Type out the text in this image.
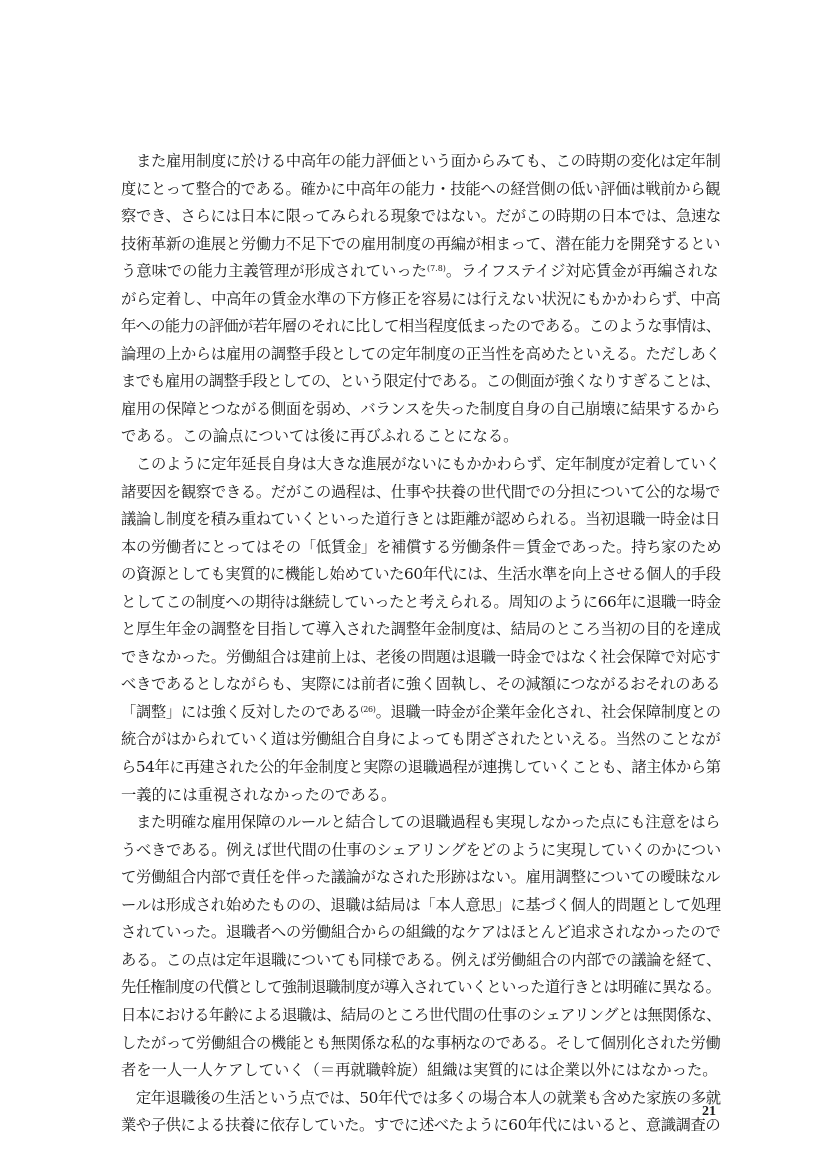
　また雇用制度に於ける中高年の能力評価という面からみても、この時期の変化は定年制
度にとって整合的である。確かに中高年の能力・技能への経営側の低い評価は戦前から観
察でき、さらには日本に限ってみられる現象ではない。だがこの時期の日本では、急速な
技術革新の進展と労働力不足下での雇用制度の再編が相まって、潜在能力を開発するとい
う意味での能力主義管理が形成されていった$^{(7.8)}$。ライフステイジ対応賃金が再編されな
がら定着し、中高年の賃金水準の下方修正を容易には行えない状況にもかかわらず、中高
年への能力の評価が若年層のそれに比して相当程度低まったのである。このような事情は、
論理の上からは雇用の調整手段としての定年制度の正当性を高めたといえる。ただしあく
までも雇用の調整手段としての、という限定付である。この側面が強くなりすぎることは、
雇用の保障とつながる側面を弱め、バランスを失った制度自身の自己崩壊に結果するから
である。この論点については後に再びふれることになる。
　このように定年延長自身は大きな進展がないにもかかわらず、定年制度が定着していく
諸要因を観察できる。だがこの過程は、仕事や扶養の世代間での分担について公的な場で
議論し制度を積み重ねていくといった道行きとは距離が認められる。当初退職一時金は日
本の労働者にとってはその「低賃金」を補償する労働条件＝賃金であった。持ち家のため
の資源としても実質的に機能し始めていた60年代には、生活水準を向上させる個人的手段
としてこの制度への期待は継続していったと考えられる。周知のように66年に退職一時金
と厚生年金の調整を目指して導入された調整年金制度は、結局のところ当初の目的を達成
できなかった。労働組合は建前上は、老後の問題は退職一時金ではなく社会保障で対応す
べきであるとしながらも、実際には前者に強く固執し、その減額につながるおそれのある
「調整」には強く反対したのである$^{(26)}$。退職一時金が企業年金化され、社会保障制度との
統合がはかられていく道は労働組合自身によっても閉ざされたといえる。当然のことなが
ら54年に再建された公的年金制度と実際の退職過程が連携していくことも、諸主体から第
一義的には重視されなかったのである。
　また明確な雇用保障のルールと結合しての退職過程も実現しなかった点にも注意をはら
うべきである。例えば世代間の仕事のシェアリングをどのように実現していくのかについ
て労働組合内部で責任を伴った議論がなされた形跡はない。雇用調整についての曖昧なル
ールは形成され始めたものの、退職は結局は「本人意思」に基づく個人的問題として処理
されていった。退職者への労働組合からの組織的なケアはほとんど追求されなかったので
ある。この点は定年退職についても同様である。例えば労働組合の内部での議論を経て、
先任権制度の代償として強制退職制度が導入されていくといった道行きとは明確に異なる。
日本における年齢による退職は、結局のところ世代間の仕事のシェアリングとは無関係な、
したがって労働組合の機能とも無関係な私的な事柄なのである。そして個別化された労働
者を一人一人ケアしていく（＝再就職斡旋）組織は実質的には企業以外にはなかった。
　定年退職後の生活という点では、50年代では多くの場合本人の就業も含めた家族の多就
業や子供による扶養に依存していた。すでに述べたように60年代にはいると、意識調査の
21
